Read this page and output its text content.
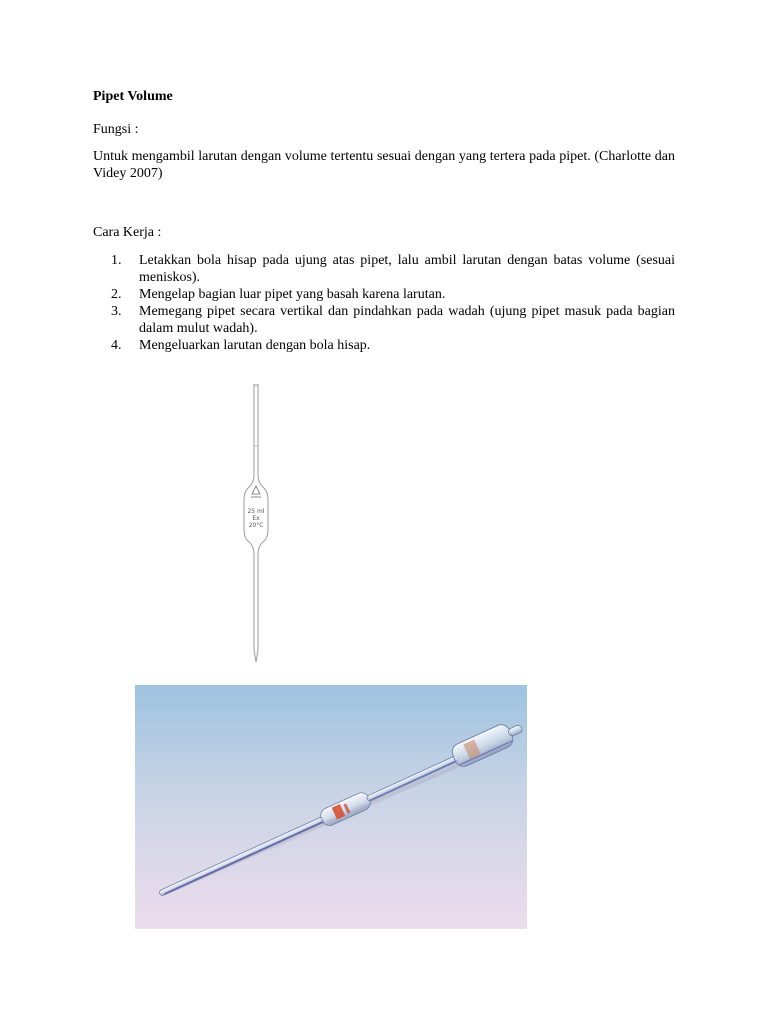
Pipet Volume
Fungsi :
Untuk mengambil larutan dengan volume tertentu sesuai dengan yang tertera pada pipet. (Charlotte dan Videy 2007)
Cara Kerja :
1. Letakkan bola hisap pada ujung atas pipet, lalu ambil larutan dengan batas volume (sesuai meniskos).
2. Mengelap bagian luar pipet yang basah karena larutan.
3. Memegang pipet secara vertikal dan pindahkan pada wadah (ujung pipet masuk pada bagian dalam mulut wadah).
4. Mengeluarkan larutan dengan bola hisap.
25 ml
Ex
20°C
